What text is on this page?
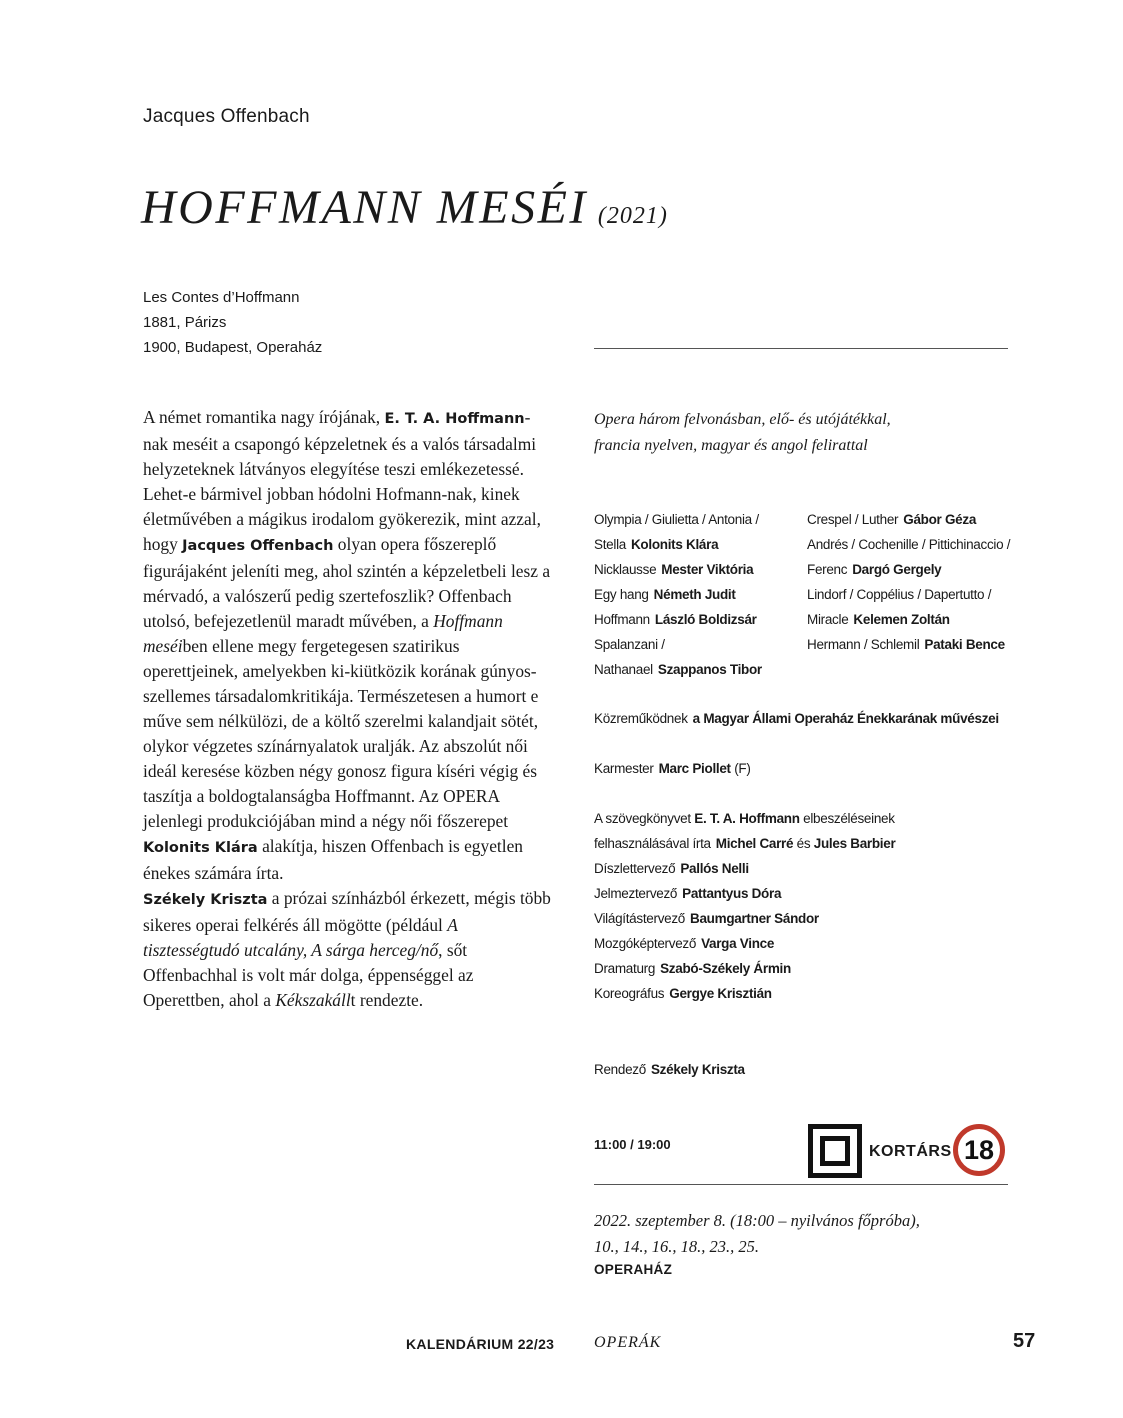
Jacques Offenbach
HOFFMANN MESÉI (2021)
Les Contes d’Hoffmann
1881, Párizs
1900, Budapest, Operaház

A német romantika nagy írójának, E. T. A. Hoffmann-nak meséit a csapongó képzeletnek és a valós társadalmi helyzeteknek látványos elegyítése teszi emlékezetessé. Lehet-e bármivel jobban hódolni Hofmann-nak, kinek életművében a mágikus irodalom gyökerezik, mint azzal, hogy Jacques Offenbach olyan opera főszereplő figurájaként jeleníti meg, ahol szintén a képzeletbeli lesz a mérvadó, a valószerű pedig szertefoszlik? Offenbach utolsó, befejezetlenül maradt művében, a Hoffmann meséiben ellene megy fergetegesen szatirikus operettjeinek, amelyekben ki-kiütközik korának gúnyos-szellemes társadalomkritikája. Természetesen a humort e műve sem nélkülözi, de a költő szerelmi kalandjait sötét, olykor végzetes színárnyalatok uralják. Az abszolút női ideál keresése közben négy gonosz figura kíséri végig és taszítja a boldogtalanságba Hoffmannt. Az OPERA jelenlegi produkciójában mind a négy női főszerepet Kolonits Klára alakítja, hiszen Offenbach is egyetlen énekes számára írta.

Székely Kriszta a prózai színházból érkezett, mégis több sikeres operai felkérés áll mögötte (például A tisztességtudó utcalány, A sárga herceg/nő, sőt Offenbachhal is volt már dolga, éppenséggel az Operettben, ahol a Kékszakállt rendezte.

Opera három felvonásban, elő- és utójátékkal,
francia nyelven, magyar és angol felirattal
Olympia / Giulietta / Antonia /
Stella Kolonits Klára
Nicklausse Mester Viktória
Egy hang Németh Judit
Hoffmann László Boldizsár
Spalanzani /
Nathanael Szappanos Tibor
Crespel / Luther Gábor Géza
Andrés / Cochenille / Pittichinaccio /
Ferenc Dargó Gergely
Lindorf / Coppélius / Dapertutto /
Miracle Kelemen Zoltán
Hermann / Schlemil Pataki Bence
Közreműködnek a Magyar Állami Operaház Énekkarának művészei
Karmester Marc Piollet (F)
A szövegkönyvet E. T. A. Hoffmann elbeszéléseinek
felhasználásával írta Michel Carré és Jules Barbier
Díszlettervező Pallós Nelli
Jelmeztervező Pattantyus Dóra
Világítástervező Baumgartner Sándor
Mozgóképtervező Varga Vince
Dramaturg Szabó-Székely Ármin
Koreográfus Gergye Krisztián
Rendező Székely Kriszta
11:00 / 19:00	KORTÁRS 18
2022. szeptember 8. (18:00 – nyilvános főpróba),
10., 14., 16., 18., 23., 25.
OPERAHÁZ
KALENDÁRIUM 22/23 OPERÁK	57
